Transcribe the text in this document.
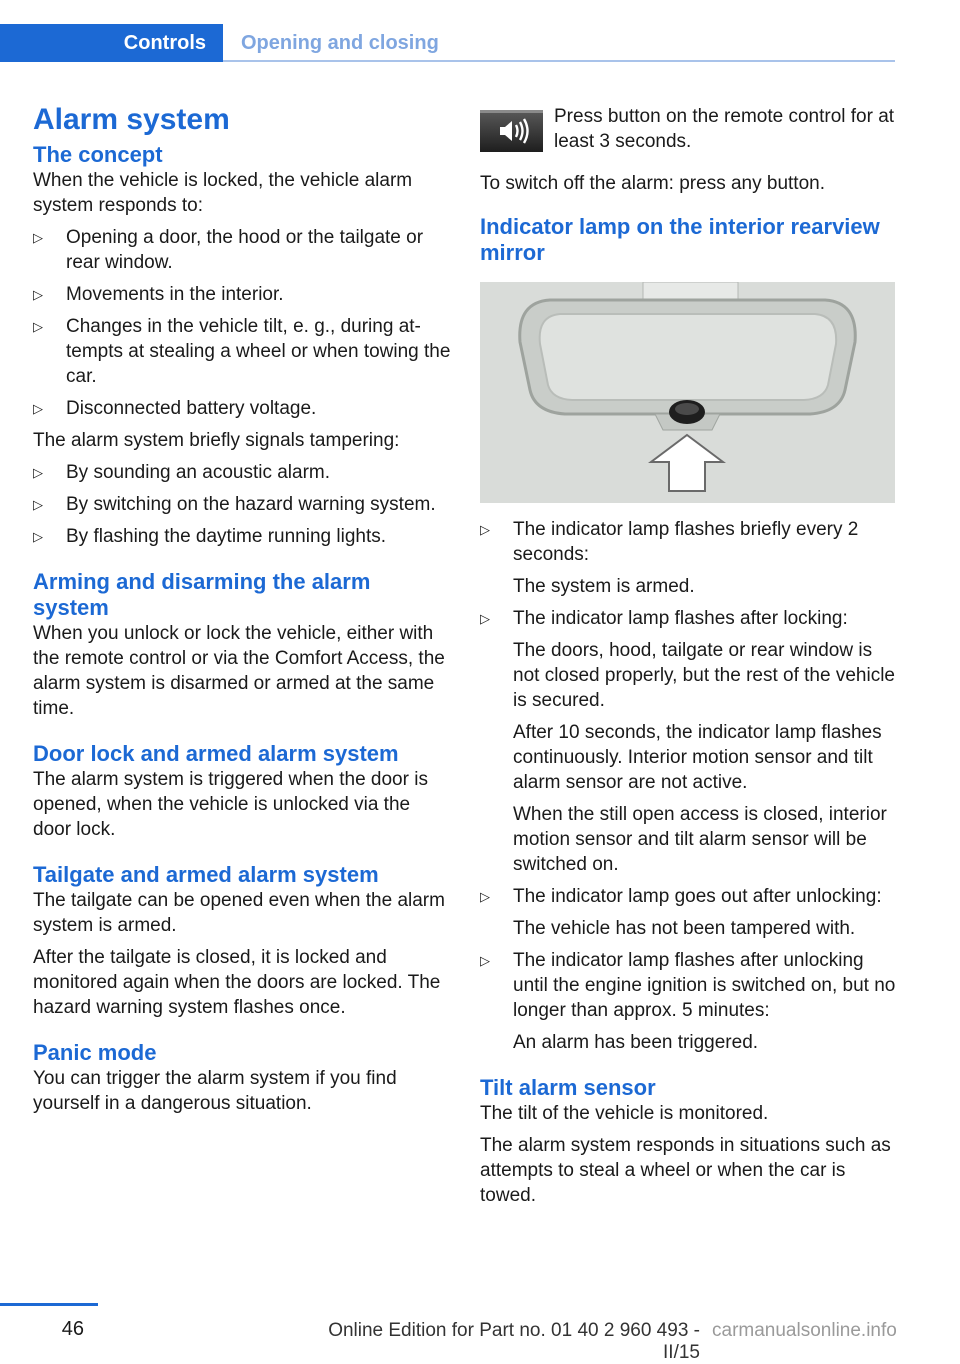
Controls	Opening and closing
Alarm system
The concept

When the vehicle is locked, the vehicle alarm system responds to:

▷	Opening a door, the hood or the tailgate or rear window.
▷	Movements in the interior.
▷	Changes in the vehicle tilt, e. g., during attempts at stealing a wheel or when towing the car.
▷	Disconnected battery voltage.

The alarm system briefly signals tampering:

▷	By sounding an acoustic alarm.
▷	By switching on the hazard warning system.
▷	By flashing the daytime running lights.
Arming and disarming the alarm system

When you unlock or lock the vehicle, either with the remote control or via the Comfort Access, the alarm system is disarmed or armed at the same time.

Door lock and armed alarm system

The alarm system is triggered when the door is opened, when the vehicle is unlocked via the door lock.

Tailgate and armed alarm system

The tailgate can be opened even when the alarm system is armed.

After the tailgate is closed, it is locked and monitored again when the doors are locked. The hazard warning system flashes once.

Panic mode

You can trigger the alarm system if you find yourself in a dangerous situation.

Press button on the remote control for at least 3 seconds.

To switch off the alarm: press any button.

Indicator lamp on the interior rearview mirror
▷	The indicator lamp flashes briefly every 2 seconds:
The system is armed.
▷	The indicator lamp flashes after locking:
The doors, hood, tailgate or rear window is not closed properly, but the rest of the vehicle is secured.
After 10 seconds, the indicator lamp flashes continuously. Interior motion sensor and tilt alarm sensor are not active.
When the still open access is closed, interior motion sensor and tilt alarm sensor will be switched on.
▷	The indicator lamp goes out after unlocking:
The vehicle has not been tampered with.
▷	The indicator lamp flashes after unlocking until the engine ignition is switched on, but no longer than approx. 5 minutes:
An alarm has been triggered.
Tilt alarm sensor

The tilt of the vehicle is monitored.

The alarm system responds in situations such as attempts to steal a wheel or when the car is towed.

46	Online Edition for Part no. 01 40 2 960 493 - II/15
carmanualsonline.info
